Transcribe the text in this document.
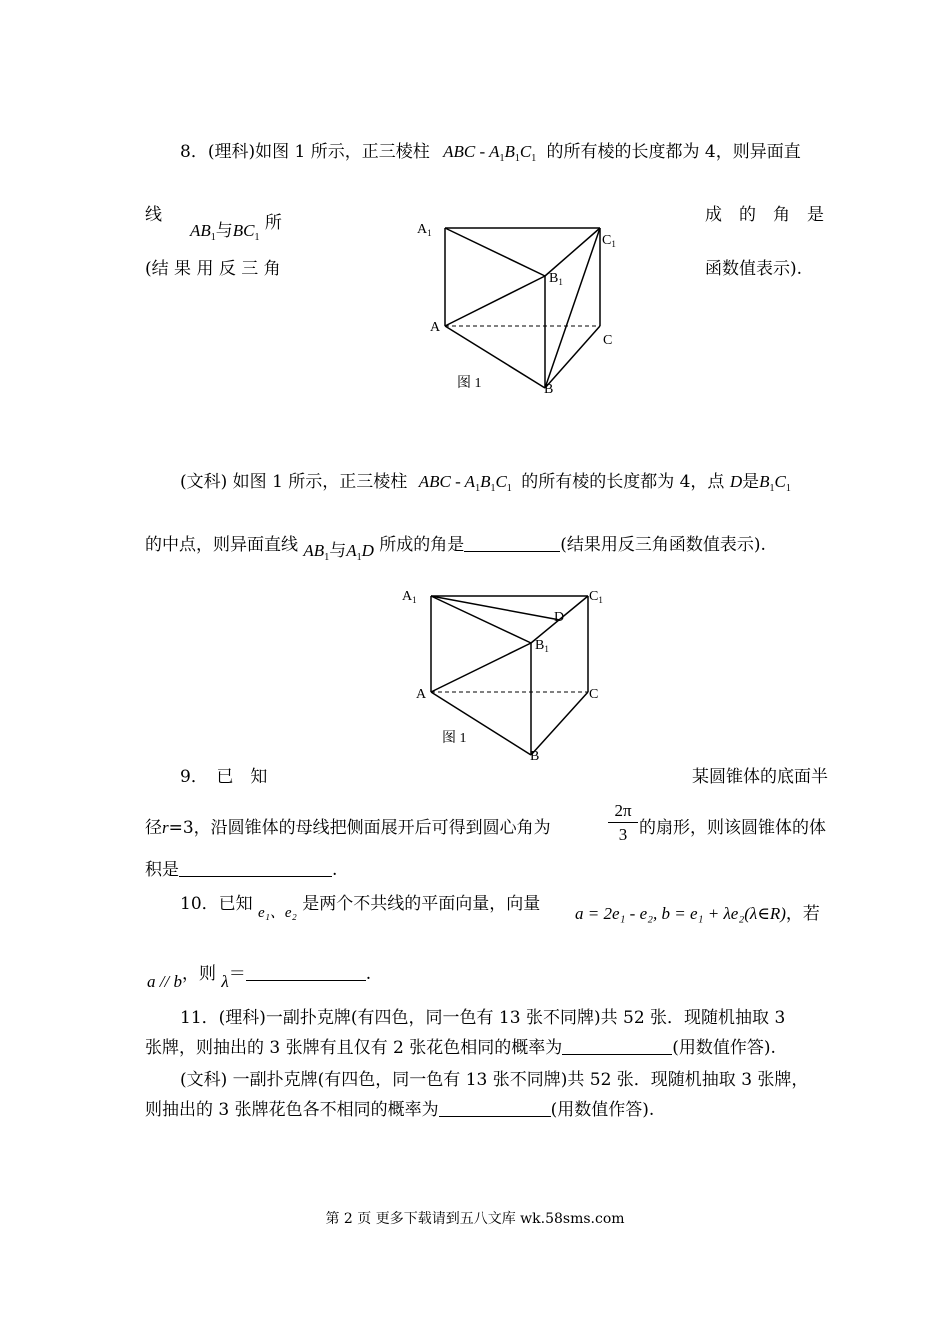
8．(理科)如图 1 所示，正三棱柱 ABC - $A_1B_1C_1$ 的所有棱的长度都为 4，则异面直
线
$AB_1$与$BC_1$ 所	成　的　角　是
(结 果 用 反 三 角	函数值表示).
$A_1$	$C_1$
$B_1$
A
C
B
图 1
(文科) 如图 1 所示，正三棱柱 ABC - $A_1B_1C_1$ 的所有棱的长度都为 4，点 D是$B_1C_1$
的中点，则异面直线 $AB_1$与$A_1D$ 所成的角是	(结果用反三角函数值表示).
$A_1$	$C_1$
D
$B_1$
A	C
B
图 1
9．　已　知	某圆锥体的底面半
径r=3，沿圆锥体的母线把侧面展开后可得到圆心角为	$\frac{2\pi}{3}$ 的扇形，则该圆锥体的体
积是	.
10．已知 e₁、e₂ 是两个不共线的平面向量，向量 a = 2e₁ - e₂, b = e₁ + λe₂(λ∈R)，若
a // b，则 λ＝	.
11．(理科)一副扑克牌(有四色，同一色有 13 张不同牌)共 52 张．现随机抽取 3
张牌，则抽出的 3 张牌有且仅有 2 张花色相同的概率为	(用数值作答).
(文科) 一副扑克牌(有四色，同一色有 13 张不同牌)共 52 张．现随机抽取 3 张牌，
则抽出的 3 张牌花色各不相同的概率为	(用数值作答).
第 2 页 更多下载请到五八文库 wk.58sms.com
